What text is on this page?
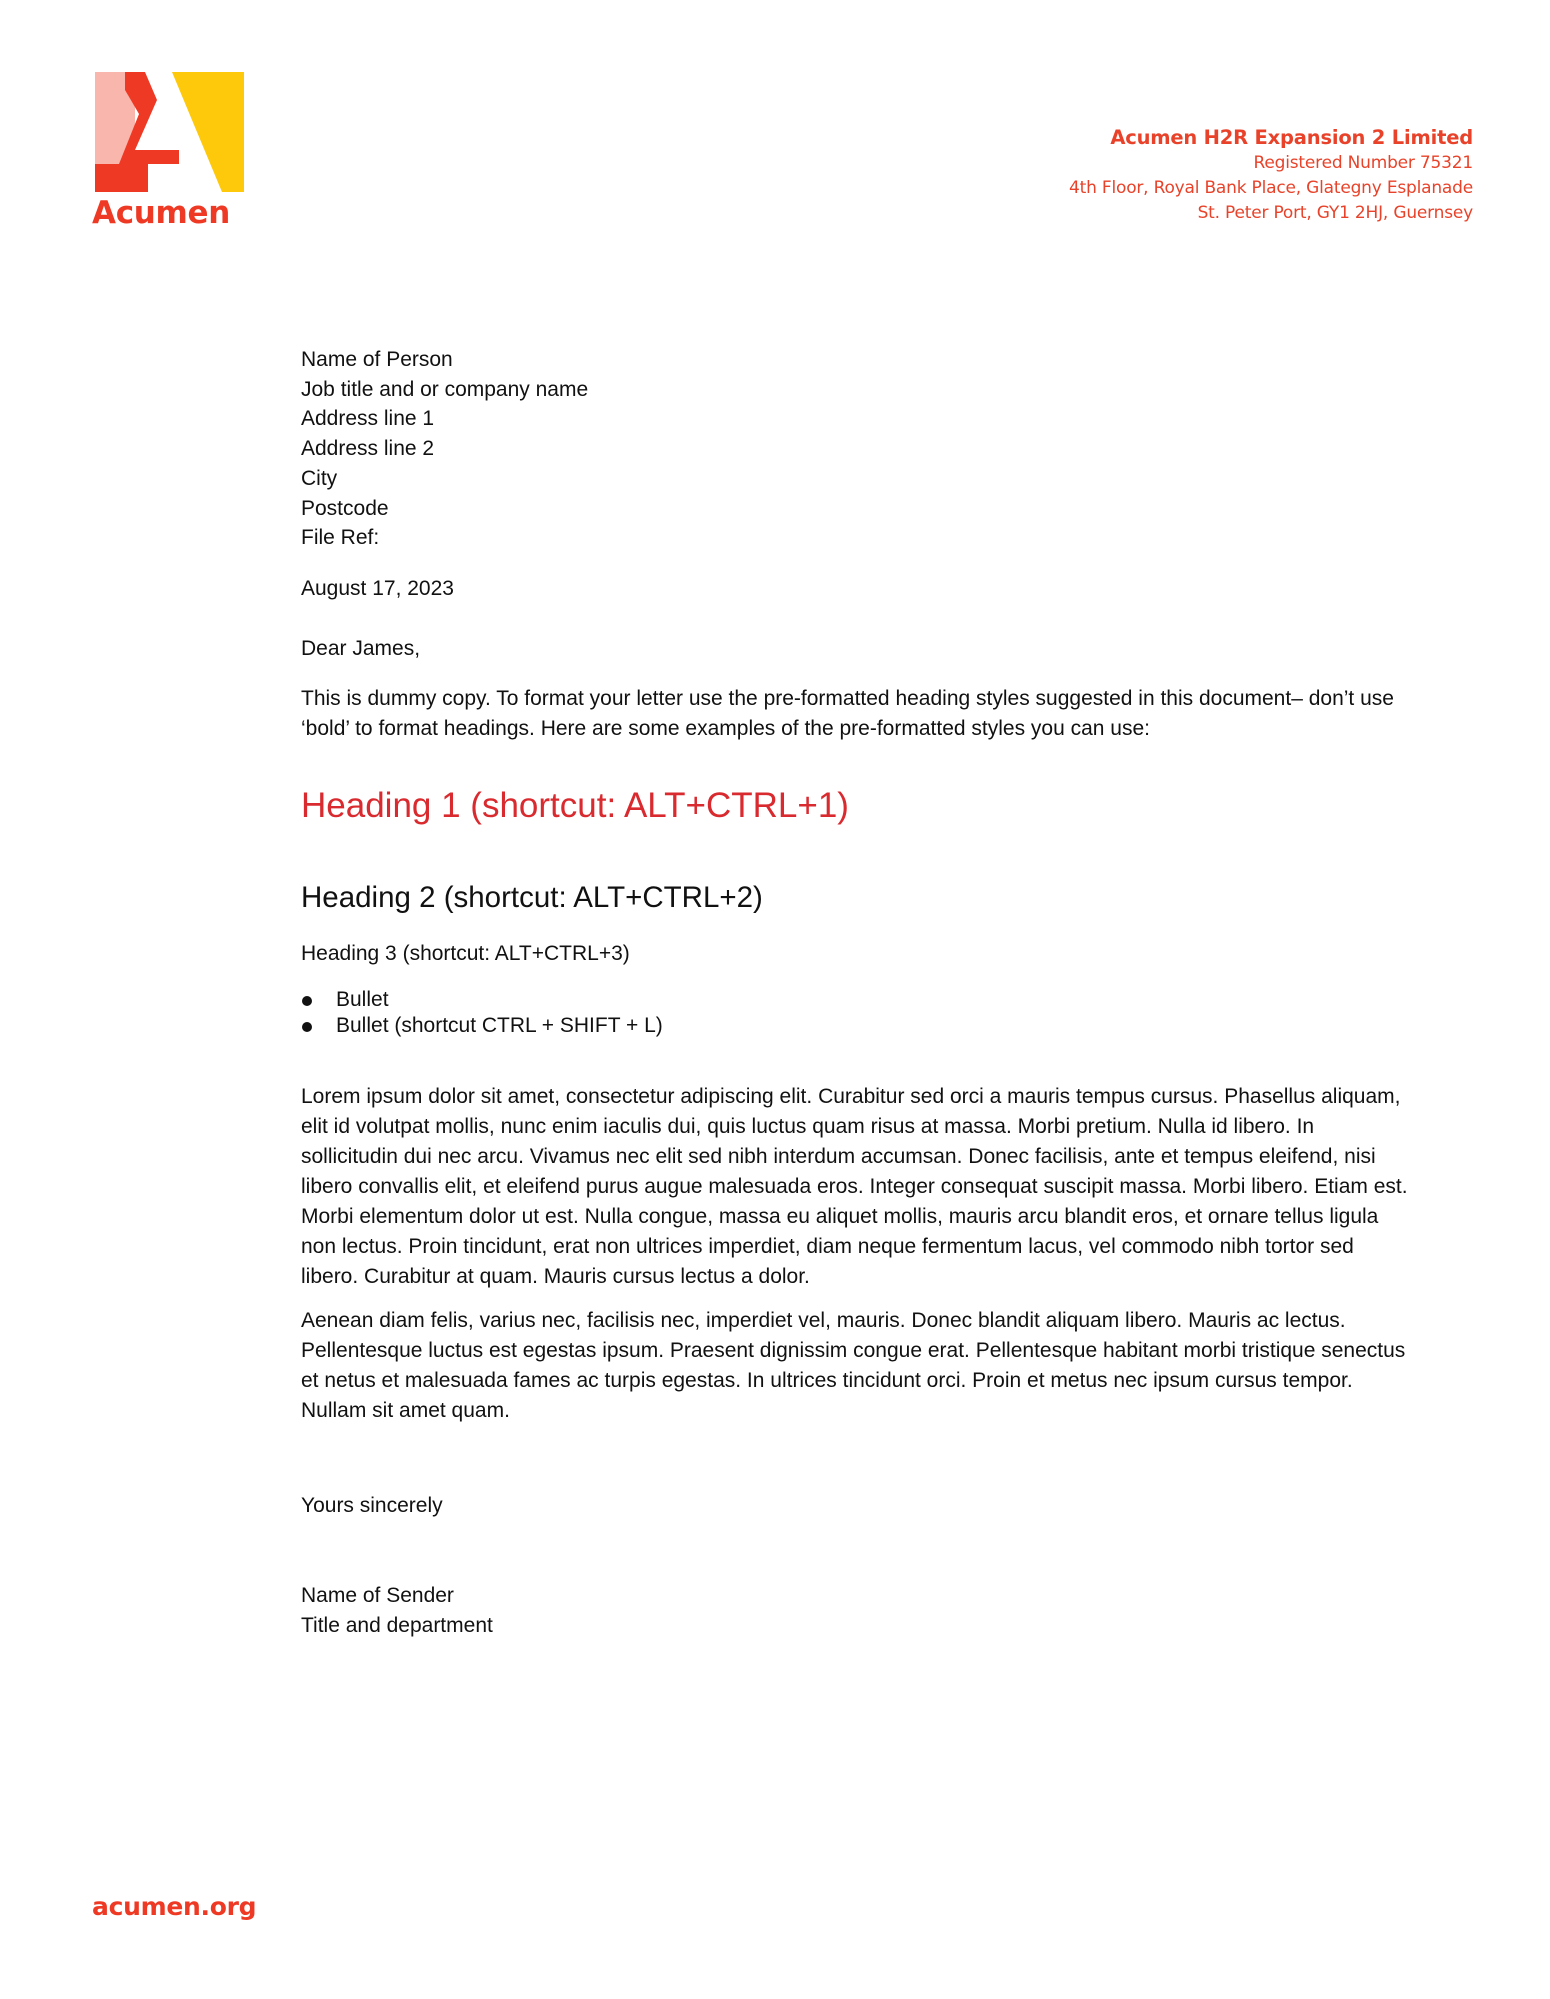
Acumen
Acumen H2R Expansion 2 Limited
Registered Number 75321
4th Floor, Royal Bank Place, Glategny Esplanade
St. Peter Port, GY1 2HJ, Guernsey
Name of Person
Job title and or company name
Address line 1
Address line 2
City
Postcode
File Ref:
August 17, 2023
Dear James,
This is dummy copy. To format your letter use the pre-formatted heading styles suggested in this document– don’t use ‘bold’ to format headings. Here are some examples of the pre-formatted styles you can use:
Heading 1 (shortcut: ALT+CTRL+1)
Heading 2 (shortcut: ALT+CTRL+2)
Heading 3 (shortcut: ALT+CTRL+3)
Bullet
Bullet (shortcut CTRL + SHIFT + L)
Lorem ipsum dolor sit amet, consectetur adipiscing elit. Curabitur sed orci a mauris tempus cursus. Phasellus aliquam, elit id volutpat mollis, nunc enim iaculis dui, quis luctus quam risus at massa. Morbi pretium. Nulla id libero. In sollicitudin dui nec arcu. Vivamus nec elit sed nibh interdum accumsan. Donec facilisis, ante et tempus eleifend, nisi libero convallis elit, et eleifend purus augue malesuada eros. Integer consequat suscipit massa. Morbi libero. Etiam est. Morbi elementum dolor ut est. Nulla congue, massa eu aliquet mollis, mauris arcu blandit eros, et ornare tellus ligula non lectus. Proin tincidunt, erat non ultrices imperdiet, diam neque fermentum lacus, vel commodo nibh tortor sed libero. Curabitur at quam. Mauris cursus lectus a dolor.
Aenean diam felis, varius nec, facilisis nec, imperdiet vel, mauris. Donec blandit aliquam libero. Mauris ac lectus. Pellentesque luctus est egestas ipsum. Praesent dignissim congue erat. Pellentesque habitant morbi tristique senectus et netus et malesuada fames ac turpis egestas. In ultrices tincidunt orci. Proin et metus nec ipsum cursus tempor. Nullam sit amet quam.
Yours sincerely
Name of Sender
Title and department
acumen.org
